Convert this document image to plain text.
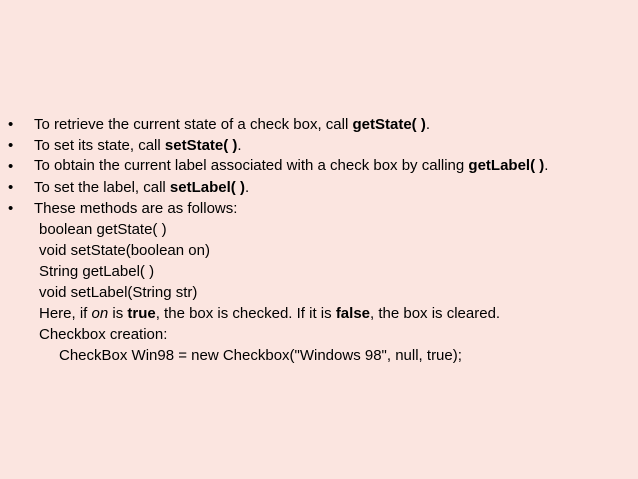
•	To retrieve the current state of a check box, call getState( ).
•	To set its state, call setState( ).
•	To obtain the current label associated with a check box by calling getLabel( ).
•	To set the label, call setLabel( ).
•	These methods are as follows:
boolean getState( )
void setState(boolean on)
String getLabel( )
void setLabel(String str)
Here, if on is true, the box is checked. If it is false, the box is cleared.
Checkbox creation:
CheckBox Win98 = new Checkbox("Windows 98", null, true);
